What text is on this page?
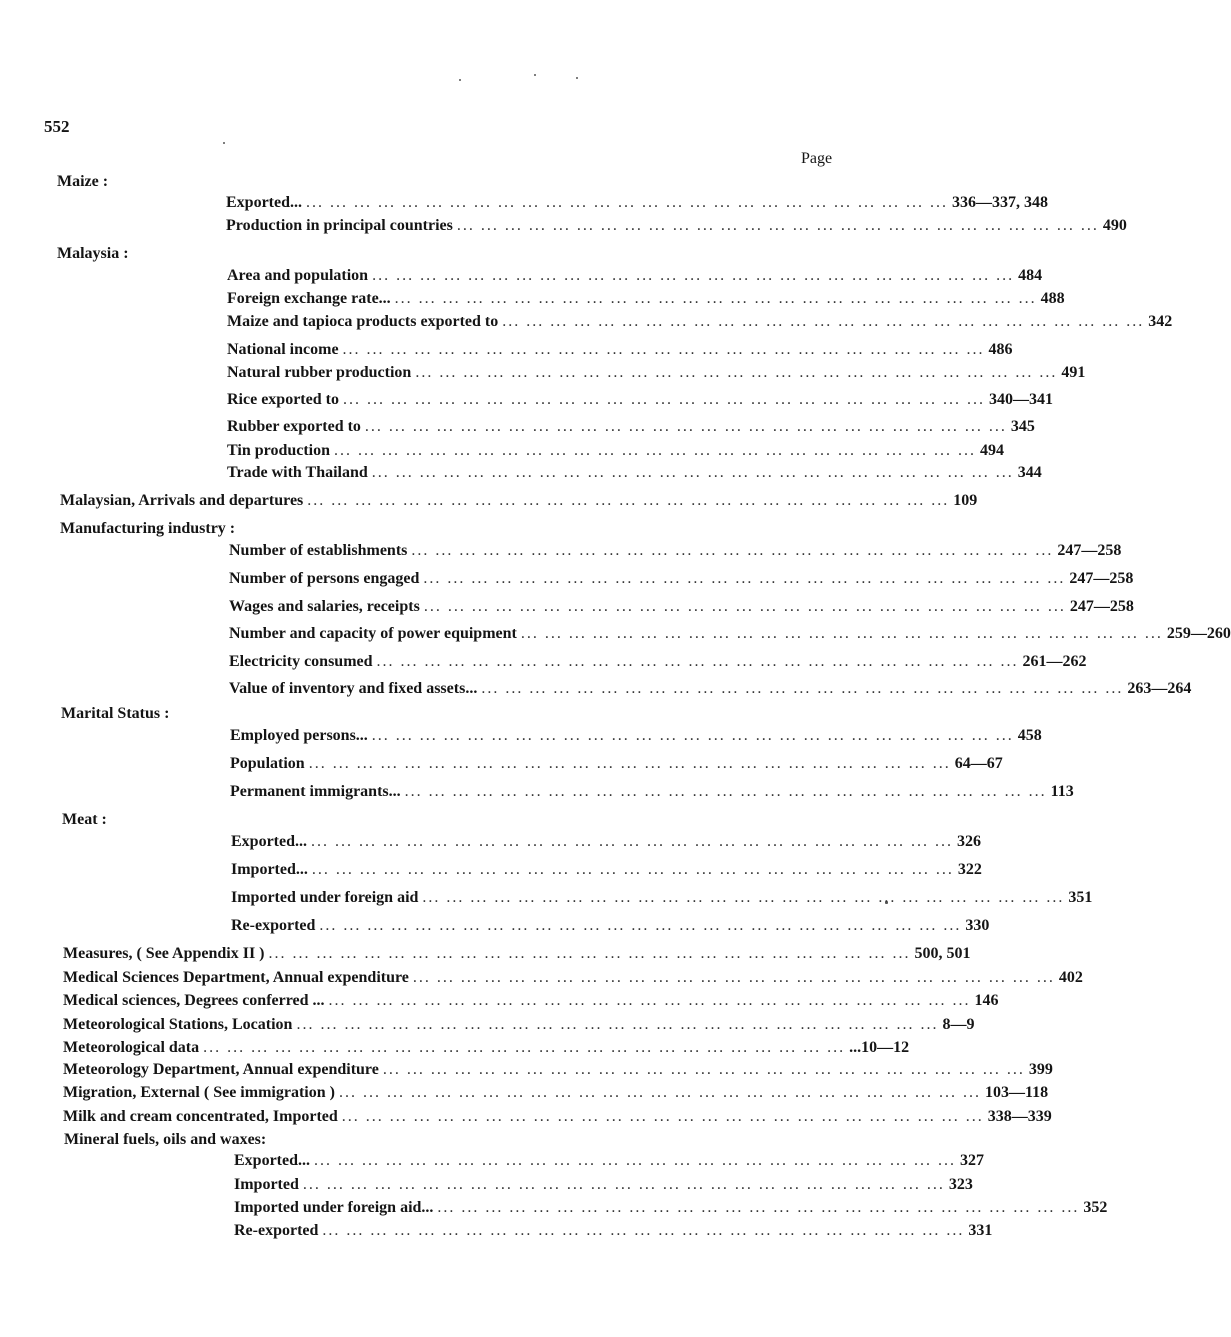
552
Page
Maize :
Exported... ... ... ... ... ... ... ... ... ... ... ... ... ... ... ... ... ... ... ... ... ... ... ... ... ... ... ... 336—337, 348
Production in principal countries ... ... ... ... ... ... ... ... ... ... ... ... ... ... ... ... ... ... ... ... ... ... ... ... ... ... ... 490
Malaysia :
Area and population ... ... ... ... ... ... ... ... ... ... ... ... ... ... ... ... ... ... ... ... ... ... ... ... ... ... ... 484
Foreign exchange rate... ... ... ... ... ... ... ... ... ... ... ... ... ... ... ... ... ... ... ... ... ... ... ... ... ... ... ... 488
Maize and tapioca products exported to ... ... ... ... ... ... ... ... ... ... ... ... ... ... ... ... ... ... ... ... ... ... ... ... ... ... ... 342
National income ... ... ... ... ... ... ... ... ... ... ... ... ... ... ... ... ... ... ... ... ... ... ... ... ... ... ... 486
Natural rubber production ... ... ... ... ... ... ... ... ... ... ... ... ... ... ... ... ... ... ... ... ... ... ... ... ... ... ... 491
Rice exported to ... ... ... ... ... ... ... ... ... ... ... ... ... ... ... ... ... ... ... ... ... ... ... ... ... ... ... 340—341
Rubber exported to ... ... ... ... ... ... ... ... ... ... ... ... ... ... ... ... ... ... ... ... ... ... ... ... ... ... ... 345
Tin production ... ... ... ... ... ... ... ... ... ... ... ... ... ... ... ... ... ... ... ... ... ... ... ... ... ... ... 494
Trade with Thailand ... ... ... ... ... ... ... ... ... ... ... ... ... ... ... ... ... ... ... ... ... ... ... ... ... ... ... 344
Malaysian, Arrivals and departures ... ... ... ... ... ... ... ... ... ... ... ... ... ... ... ... ... ... ... ... ... ... ... ... ... ... ... 109
Manufacturing industry :
Number of establishments ... ... ... ... ... ... ... ... ... ... ... ... ... ... ... ... ... ... ... ... ... ... ... ... ... ... ... 247—258
Number of persons engaged ... ... ... ... ... ... ... ... ... ... ... ... ... ... ... ... ... ... ... ... ... ... ... ... ... ... ... 247—258
Wages and salaries, receipts ... ... ... ... ... ... ... ... ... ... ... ... ... ... ... ... ... ... ... ... ... ... ... ... ... ... ... 247—258
Number and capacity of power equipment ... ... ... ... ... ... ... ... ... ... ... ... ... ... ... ... ... ... ... ... ... ... ... ... ... ... ... 259—260
Electricity consumed ... ... ... ... ... ... ... ... ... ... ... ... ... ... ... ... ... ... ... ... ... ... ... ... ... ... ... 261—262
Value of inventory and fixed assets... ... ... ... ... ... ... ... ... ... ... ... ... ... ... ... ... ... ... ... ... ... ... ... ... ... ... ... 263—264
Marital Status :
Employed persons... ... ... ... ... ... ... ... ... ... ... ... ... ... ... ... ... ... ... ... ... ... ... ... ... ... ... ... 458
Population ... ... ... ... ... ... ... ... ... ... ... ... ... ... ... ... ... ... ... ... ... ... ... ... ... ... ... 64—67
Permanent immigrants... ... ... ... ... ... ... ... ... ... ... ... ... ... ... ... ... ... ... ... ... ... ... ... ... ... ... ... 113
Meat :
Exported... ... ... ... ... ... ... ... ... ... ... ... ... ... ... ... ... ... ... ... ... ... ... ... ... ... ... ... 326
Imported... ... ... ... ... ... ... ... ... ... ... ... ... ... ... ... ... ... ... ... ... ... ... ... ... ... ... ... 322
Imported under foreign aid ... ... ... ... ... ... ... ... ... ... ... ... ... ... ... ... ... ... ... ... ... ... ... ... ... ... ... 351
Re-exported ... ... ... ... ... ... ... ... ... ... ... ... ... ... ... ... ... ... ... ... ... ... ... ... ... ... ... 330
Measures, ( See Appendix II ) ... ... ... ... ... ... ... ... ... ... ... ... ... ... ... ... ... ... ... ... ... ... ... ... ... ... ... 500, 501
Medical Sciences Department, Annual expenditure ... ... ... ... ... ... ... ... ... ... ... ... ... ... ... ... ... ... ... ... ... ... ... ... ... ... ... 402
Medical sciences, Degrees conferred ... ... ... ... ... ... ... ... ... ... ... ... ... ... ... ... ... ... ... ... ... ... ... ... ... ... ... ... 146
Meteorological Stations, Location ... ... ... ... ... ... ... ... ... ... ... ... ... ... ... ... ... ... ... ... ... ... ... ... ... ... ... 8—9
Meteorological data ... ... ... ... ... ... ... ... ... ... ... ... ... ... ... ... ... ... ... ... ... ... ... ... ... ... ... ...10—12
Meteorology Department, Annual expenditure ... ... ... ... ... ... ... ... ... ... ... ... ... ... ... ... ... ... ... ... ... ... ... ... ... ... ... 399
Migration, External ( See immigration ) ... ... ... ... ... ... ... ... ... ... ... ... ... ... ... ... ... ... ... ... ... ... ... ... ... ... ... 103—118
Milk and cream concentrated, Imported ... ... ... ... ... ... ... ... ... ... ... ... ... ... ... ... ... ... ... ... ... ... ... ... ... ... ... 338—339
Mineral fuels, oils and waxes:
Exported... ... ... ... ... ... ... ... ... ... ... ... ... ... ... ... ... ... ... ... ... ... ... ... ... ... ... ... 327
Imported ... ... ... ... ... ... ... ... ... ... ... ... ... ... ... ... ... ... ... ... ... ... ... ... ... ... ... 323
Imported under foreign aid... ... ... ... ... ... ... ... ... ... ... ... ... ... ... ... ... ... ... ... ... ... ... ... ... ... ... ... 352
Re-exported ... ... ... ... ... ... ... ... ... ... ... ... ... ... ... ... ... ... ... ... ... ... ... ... ... ... ... 331
